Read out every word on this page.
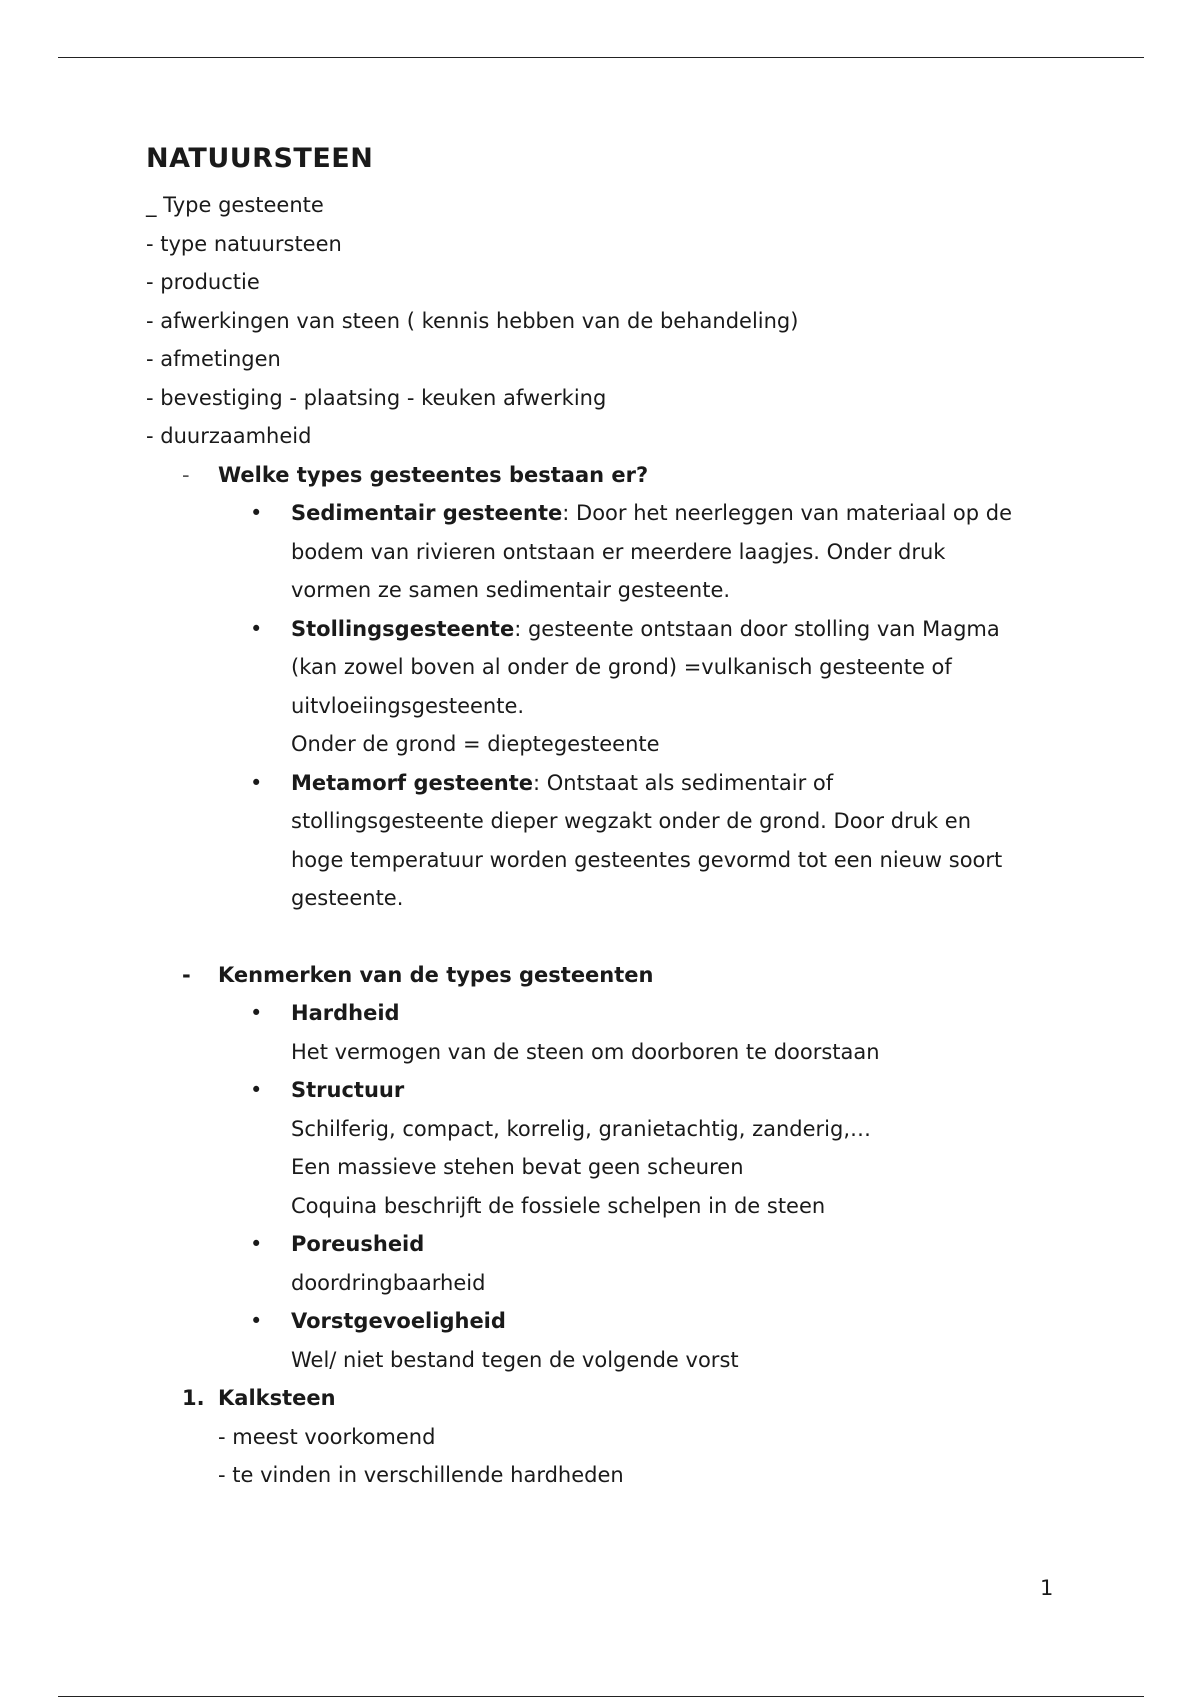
NATUURSTEEN
_ Type gesteente
- type natuursteen
- productie
- afwerkingen van steen ( kennis hebben van de behandeling)
- afmetingen
- bevestiging - plaatsing - keuken afwerking
- duurzaamheid
- Welke types gesteentes bestaan er?
• Sedimentair gesteente: Door het neerleggen van materiaal op de
bodem van rivieren ontstaan er meerdere laagjes. Onder druk
vormen ze samen sedimentair gesteente.
• Stollingsgesteente: gesteente ontstaan door stolling van Magma
(kan zowel boven al onder de grond) =vulkanisch gesteente of
uitvloeiingsgesteente.
Onder de grond = dieptegesteente
• Metamorf gesteente: Ontstaat als sedimentair of
stollingsgesteente dieper wegzakt onder de grond. Door druk en
hoge temperatuur worden gesteentes gevormd tot een nieuw soort
gesteente.
- Kenmerken van de types gesteenten
• Hardheid
Het vermogen van de steen om doorboren te doorstaan
• Structuur
Schilferig, compact, korrelig, granietachtig, zanderig,…
Een massieve stehen bevat geen scheuren
Coquina beschrijft de fossiele schelpen in de steen
• Poreusheid
doordringbaarheid
• Vorstgevoeligheid
Wel/ niet bestand tegen de volgende vorst
1. Kalksteen
- meest voorkomend
- te vinden in verschillende hardheden
1
